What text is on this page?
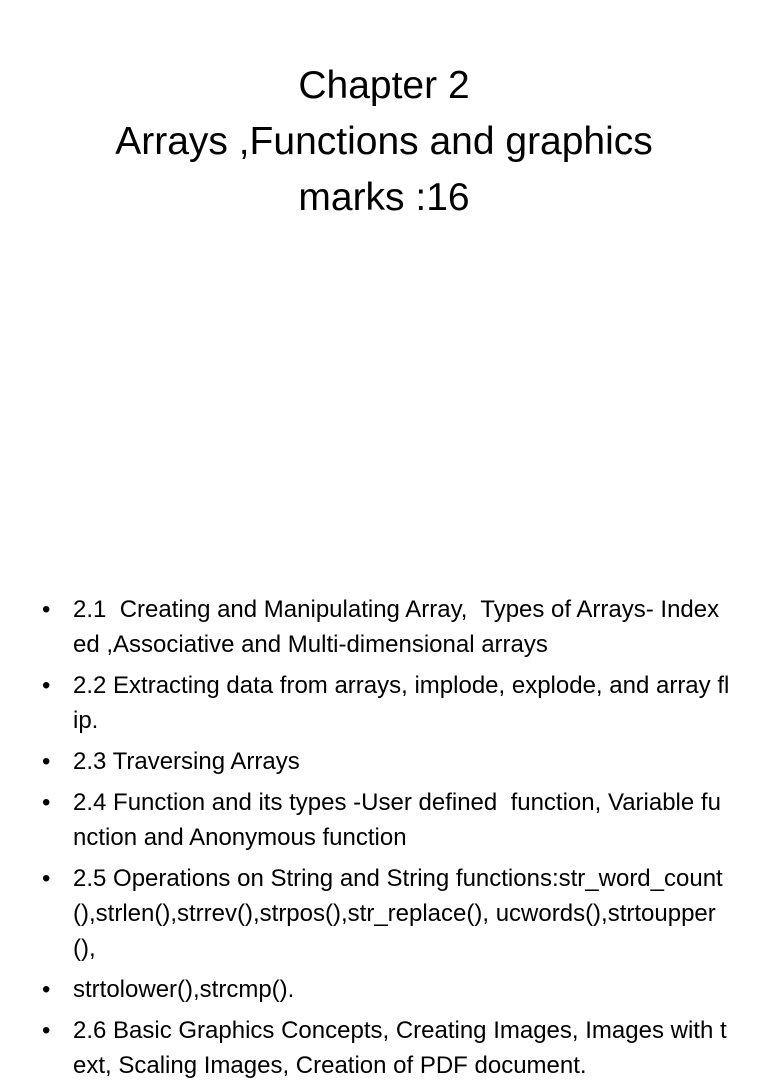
Chapter 2
Arrays ,Functions and graphics
marks :16
• 2.1  Creating and Manipulating Array,  Types of Arrays- Indexed ,Associative and Multi-dimensional arrays
• 2.2 Extracting data from arrays, implode, explode, and array flip.
• 2.3 Traversing Arrays
• 2.4 Function and its types -User defined  function, Variable function and Anonymous function
• 2.5 Operations on String and String functions:str_word_count(),strlen(),strrev(),strpos(),str_replace(), ucwords(),strtoupper(),
• strtolower(),strcmp().
• 2.6 Basic Graphics Concepts, Creating Images, Images with text, Scaling Images, Creation of PDF document.
